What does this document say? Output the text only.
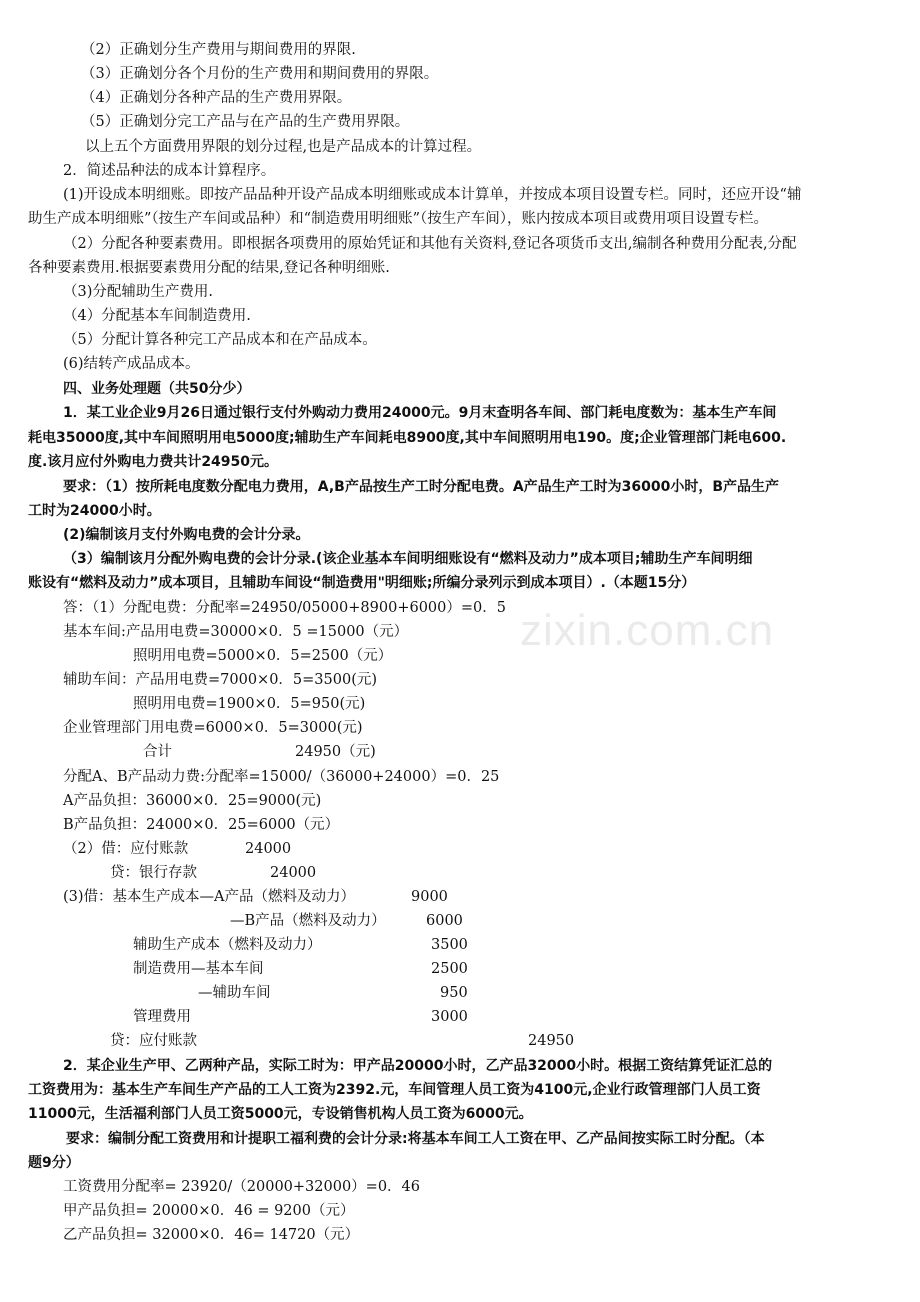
zixin.com.cn
（2）正确划分生产费用与期间费用的界限.
（3）正确划分各个月份的生产费用和期间费用的界限。
（4）正确划分各种产品的生产费用界限。
（5）正确划分完工产品与在产品的生产费用界限。
以上五个方面费用界限的划分过程,也是产品成本的计算过程。
2．简述品种法的成本计算程序。
(1)开设成本明细账。即按产品品种开设产品成本明细账或成本计算单，并按成本项目设置专栏。同时，还应开设“辅
助生产成本明细账”（按生产车间或品种）和“制造费用明细账”（按生产车间），账内按成本项目或费用项目设置专栏。
（2）分配各种要素费用。即根据各项费用的原始凭证和其他有关资料,登记各项货币支出,编制各种费用分配表,分配
各种要素费用.根据要素费用分配的结果,登记各种明细账.
（3)分配辅助生产费用.
（4）分配基本车间制造费用.
（5）分配计算各种完工产品成本和在产品成本。
(6)结转产成品成本。
四、业务处理题（共50分少）
1．某工业企业9月26日通过银行支付外购动力费用24000元。9月末查明各车间、部门耗电度数为：基本生产车间
耗电35000度,其中车间照明用电5000度;辅助生产车间耗电8900度,其中车间照明用电190。度;企业管理部门耗电600.
度.该月应付外购电力费共计24950元。
要求：（1）按所耗电度数分配电力费用，A,B产品按生产工时分配电费。A产品生产工时为36000小时，B产品生产
工时为24000小时。
(2)编制该月支付外购电费的会计分录。
（3）编制该月分配外购电费的会计分录.(该企业基本车间明细账设有“燃料及动力”成本项目;辅助生产车间明细
账设有“燃料及动力”成本项目，且辅助车间设“制造费用"明细账;所编分录列示到成本项目）.（本题15分）
答：（1）分配电费：分配率=24950/05000+8900+6000）=0．5
基本车间:产品用电费=30000×0．5 =15000（元）
照明用电费=5000×0．5=2500（元）
辅助车间：产品用电费=7000×0．5=3500(元)
照明用电费=1900×0．5=950(元)
企业管理部门用电费=6000×0．5=3000(元)
合计	24950（元)
分配A、B产品动力费:分配率=15000/（36000+24000）=0．25
A产品负担：36000×0．25=9000(元)
B产品负担：24000×0．25=6000（元）
（2）借：应付账款	24000
贷：银行存款	24000
(3)借：基本生产成本—A产品（燃料及动力）	9000
—B产品（燃料及动力）	6000
辅助生产成本（燃料及动力）	3500
制造费用—基本车间	2500
—辅助车间	950
管理费用	3000
贷：应付账款	24950
2．某企业生产甲、乙两种产品，实际工时为：甲产品20000小时，乙产品32000小时。根据工资结算凭证汇总的
工资费用为：基本生产车间生产产品的工人工资为2392.元，车间管理人员工资为4100元,企业行政管理部门人员工资
11000元，生活福利部门人员工资5000元，专设销售机构人员工资为6000元。
要求：编制分配工资费用和计提职工福利费的会计分录:将基本车间工人工资在甲、乙产品间按实际工时分配。（本
题9分）
工资费用分配率= 23920/（20000+32000）=0．46
甲产品负担= 20000×0．46 = 9200（元）
乙产品负担= 32000×0．46= 14720（元）
